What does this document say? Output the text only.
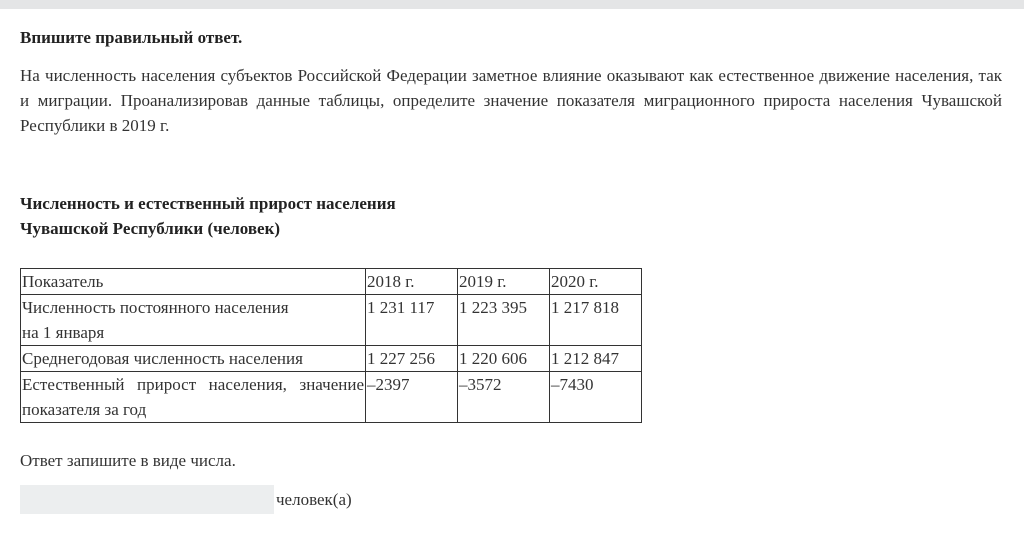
Впишите правильный ответ.

На численность населения субъектов Российской Федерации заметное влияние оказывают как естественное движение населения, так и миграции. Проанализировав данные таблицы, определите значение показателя миграционного прироста населения Чувашской Республики в 2019 г.

Численность и естественный прирост населения
Чувашской Республики (человек)
Показатель	2018 г.	2019 г.	2020 г.

Численность постоянного населения
на 1 января	1 231 117	1 223 395	1 217 818
Среднегодовая численность населения	1 227 256	1 220 606	1 212 847
Естественный прирост населения, значение показателя за год	–2397	–3572	–7430

Ответ запишите в виде числа.

человек(а)
